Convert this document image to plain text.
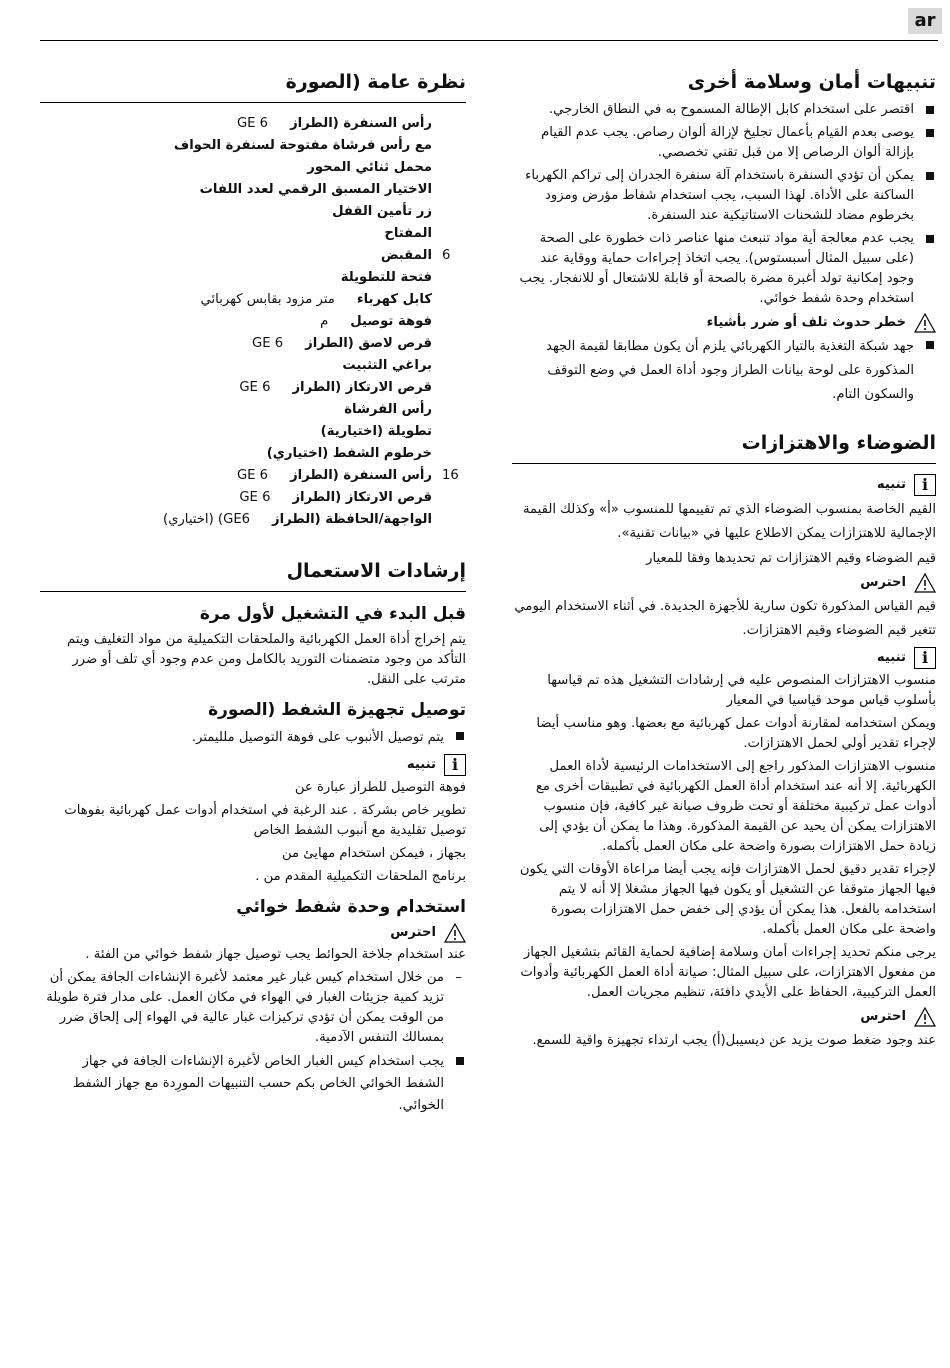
ar
تنبيهات أمان وسلامة أخرى
اقتصر على استخدام كابل الإطالة المسموح به في النطاق الخارجي.
يوصى بعدم القيام بأعمال تجليخ لإزالة ألوان رصاص. يجب عدم القيام بإزالة ألوان الرصاص إلا من قبل تقني تخصصي.
يمكن أن تؤدي السنفرة باستخدام آلة سنفرة الجدران إلى تراكم الكهرباء الساكنة على الأداة. لهذا السبب، يجب استخدام شفاط مؤرض ومزود بخرطوم مضاد للشحنات الاستاتيكية عند السنفرة.
يجب عدم معالجة أية مواد تنبعث منها عناصر ذات خطورة على الصحة (على سبيل المثال أسبستوس). يجب اتخاذ إجراءات حماية ووقاية عند وجود إمكانية تولد أغبرة مضرة بالصحة أو قابلة للاشتعال أو للانفجار. يجب استخدام وحدة شفط خوائي.
خطر حدوث تلف أو ضرر بأشياء
جهد شبكة التغذية بالتيار الكهربائي يلزم أن يكون مطابقا لقيمة الجهد المذكورة على لوحة بيانات الطراز وجود أداة العمل في وضع التوقف والسكون التام.
الضوضاء والاهتزازات
i
تنبيه

القيم الخاصة بمنسوب الضوضاء الذي تم تقييمها للمنسوب «أ» وكذلك القيمة الإجمالية للاهتزازات يمكن الاطلاع عليها في «بيانات تقنية».

قيم الضوضاء وقيم الاهتزازات تم تحديدها وفقا للمعيار

احترس

قيم القياس المذكورة تكون سارية للأجهزة الجديدة. في أثناء الاستخدام اليومي تتغير قيم الضوضاء وقيم الاهتزازات.

i
تنبيه

منسوب الاهتزازات المنصوص عليه في إرشادات التشغيل هذه تم قياسها بأسلوب قياس موحد قياسيا في المعيار

ويمكن استخدامه لمقارنة أدوات عمل كهربائية مع بعضها. وهو مناسب أيضا لإجراء تقدير أولي لحمل الاهتزازات.

منسوب الاهتزازات المذكور راجع إلى الاستخدامات الرئيسية لأداة العمل الكهربائية. إلا أنه عند استخدام أداة العمل الكهربائية في تطبيقات أخرى مع أدوات عمل تركيبية مختلفة أو تحت ظروف صيانة غير كافية، فإن منسوب الاهتزازات يمكن أن يحيد عن القيمة المذكورة. وهذا ما يمكن أن يؤدي إلى زيادة حمل الاهتزازات بصورة واضحة على مكان العمل بأكمله.

لإجراء تقدير دقيق لحمل الاهتزازات فإنه يجب أيضا مراعاة الأوقات التي يكون فيها الجهاز متوقفا عن التشغيل أو يكون فيها الجهاز مشغلا إلا أنه لا يتم استخدامه بالفعل. هذا يمكن أن يؤدي إلى خفض حمل الاهتزازات بصورة واضحة على مكان العمل بأكمله.

يرجى منكم تحديد إجراءات أمان وسلامة إضافية لحماية القائم بتشغيل الجهاز من مفعول الاهتزازات، على سبيل المثال: صيانة أداة العمل الكهربائية وأدوات العمل التركيبية، الحفاظ على الأيدي دافئة، تنظيم مجريات العمل.

احترس

عند وجود ضغط صوت يزيد عن ديسيبل(أ) يجب ارتداء تجهيزة واقية للسمع.

نظرة عامة (الصورة
رأس السنفرة (الطراز
GE 6
مع رأس فرشاة مفتوحة لسنفرة الحواف
محمل ثنائي المحور
الاختيار المسبق الرقمي لعدد اللفات
زر تأمين القفل
المفتاح
6
المقبض
فتحة للتطويلة
كابل كهرباء
متر مزود بقابس كهربائي
فوهة توصيل
م
قرص لاصق (الطراز
GE 6
براغي التثبيت
قرص الارتكاز (الطراز
GE 6
رأس الفرشاة
تطويلة (اختيارية)
خرطوم الشفط (اختياري)
16
رأس السنفرة (الطراز
GE 6
قرص الارتكاز (الطراز
GE 6
الواجهة/الحافظة (الطراز
GE6) (اختياري)
إرشادات الاستعمال
قبل البدء في التشغيل لأول مرة

يتم إخراج أداة العمل الكهربائية والملحقات التكميلية من مواد التغليف ويتم التأكد من وجود متضمنات التوريد بالكامل ومن عدم وجود أي تلف أو ضرر مترتب على النقل.

توصيل تجهيزة الشفط (الصورة
يتم توصيل الأنبوب على فوهة التوصيل ملليمتر.
i
تنبيه

فوهة التوصيل للطراز عبارة عن

تطوير خاص بشركة . عند الرغبة في استخدام أدوات عمل كهربائية بفوهات توصيل تقليدية مع أنبوب الشفط الخاص

بجهاز ، فيمكن استخدام مهايئ من

برنامج الملحقات التكميلية المقدم من .

استخدام وحدة شفط خوائي
احترس

عند استخدام جلاخة الحوائط يجب توصيل جهاز شفط خوائي من الفئة .

– من خلال استخدام كيس غبار غير معتمد لأغبرة الإنشاءات الجافة يمكن أن تزيد كمية جزيئات الغبار في الهواء في مكان العمل. على مدار فترة طويلة من الوقت يمكن أن تؤدي تركيزات غبار عالية في الهواء إلى إلحاق ضرر بمسالك التنفس الآدمية.
يجب استخدام كيس الغبار الخاص لأغبرة الإنشاءات الجافة في جهاز الشفط الخوائي الخاص بكم حسب التنبيهات المورِدة مع جهاز الشفط الخوائي.
